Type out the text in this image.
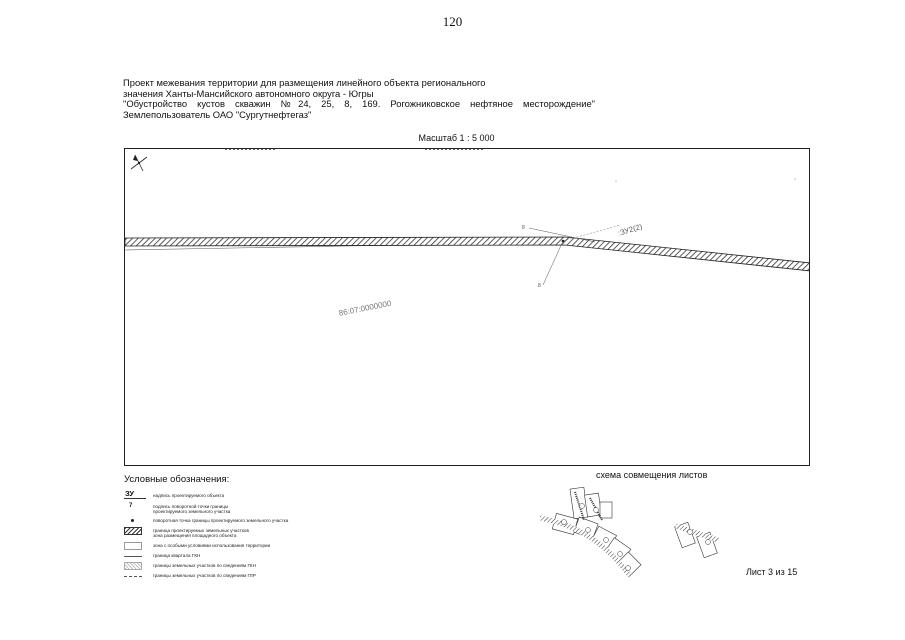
120
Проект межевания территории для размещения линейного объекта регионального
значения Ханты-Мансийского автономного округа - Югры
"Обустройство кустов скважин №24, 25, 8, 169. Рогожниковское нефтяное месторождение"
Землепользователь ОАО "Сургутнефтегаз"
Масштаб 1 : 5 000
86:07:0000000
:ЗУ2(2)
8
8
Условные обозначения:
ЗУ	надпись проектируемого объекта
7	подпись поворотной точки границы
проектируемого земельного участка
поворотная точка границы проектируемого земельного участка
граница проектируемых земельных участков
зона размещения площадного объекта
зона с особыми условиями использования территории
граница квартала ГКН
границы земельных участков по сведениям ГКН
границы земельных участков по сведениям ГЛР
схема совмещения листов
Лист 3 из 15
